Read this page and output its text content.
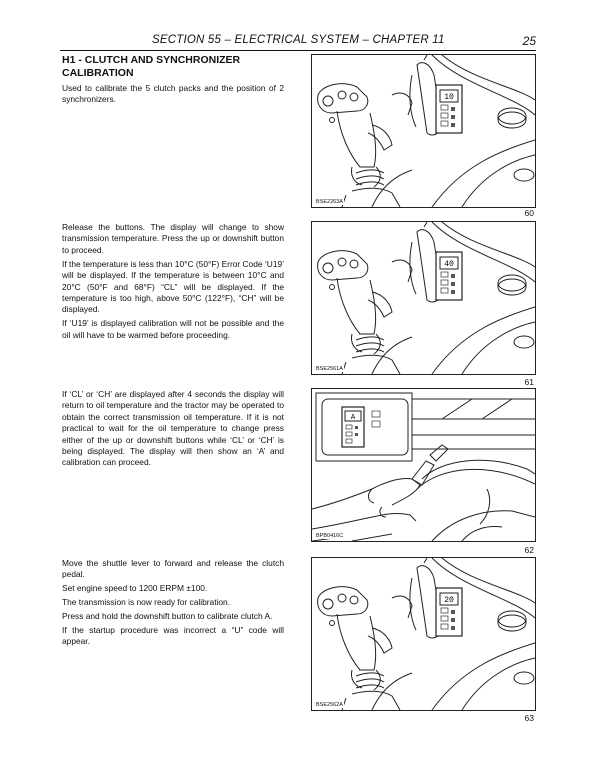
SECTION 55 – ELECTRICAL SYSTEM – CHAPTER 11	25
H1 - CLUTCH AND SYNCHRONIZER
CALIBRATION

Used to calibrate the 5 clutch packs and the position of 2 synchronizers.	10
BSE2263A
60

Release the buttons. The display will change to show transmission temperature. Press the up or downshift button to proceed.

If the temperature is less than 10°C (50°F) Error Code ‘U19’ will be displayed. If the temperature is between 10°C and 20°C (50°F and 68°F) “CL” will be displayed. If the temperature is too high, above 50°C (122°F), “CH” will be displayed.

If ‘U19’ is displayed calibration will not be possible and the oil will have to be warmed before proceeding.

40
BSE2561A
61

If ‘CL’ or ‘CH’ are displayed after 4 seconds the display will return to oil temperature and the tractor may be operated to obtain the correct transmission oil temperature. If it is not practical to wait for the oil temperature to change press either of the up or downshift buttons while ‘CL’ or ‘CH’ is being displayed. The display will then show an ‘A’ and calibration can proceed.

A
BPB0416C
62

Move the shuttle lever to forward and release the clutch pedal.

Set engine speed to 1200 ERPM ±100.

The transmission is now ready for calibration.

Press and hold the downshift button to calibrate clutch A.

If the startup procedure was incorrect a “U” code will appear.

20
BSE2562A
63
